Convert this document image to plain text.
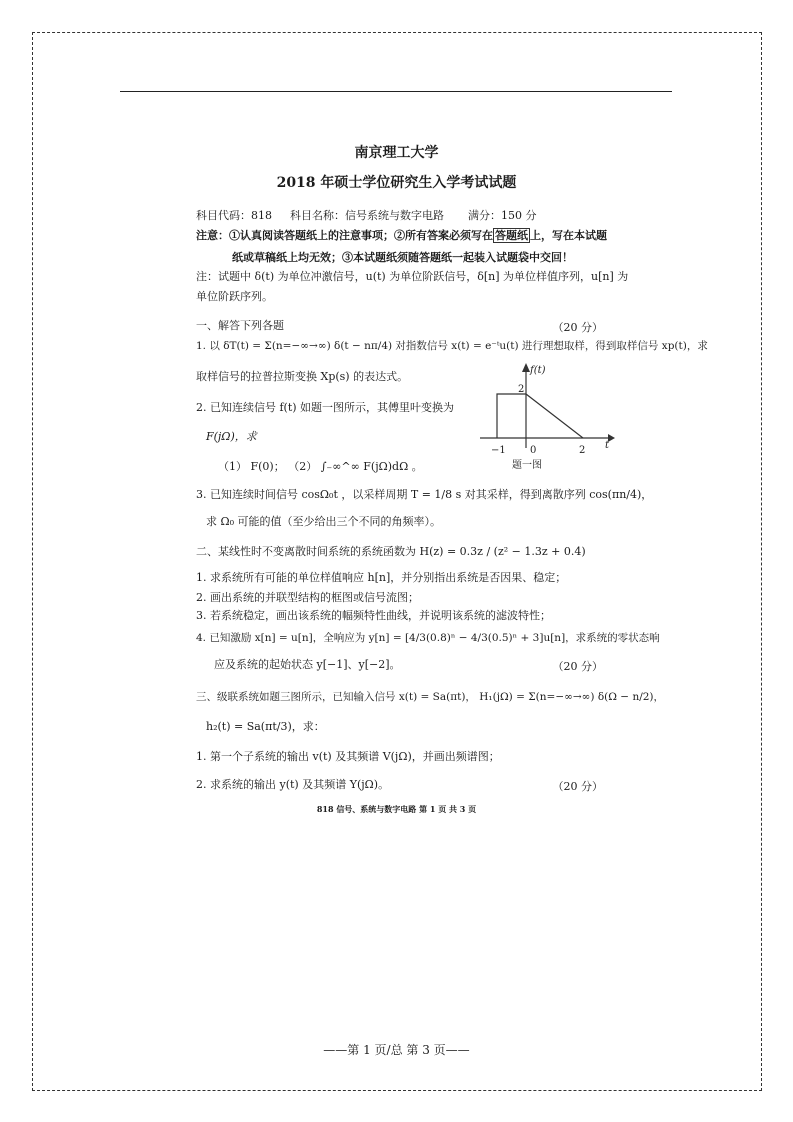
南京理工大学
2018 年硕士学位研究生入学考试试题
科目代码：818 科目名称：信号系统与数字电路 满分：150 分
注意：①认真阅读答题纸上的注意事项；②所有答案必须写在 答题纸 上，写在本试题
纸或草稿纸上均无效；③本试题纸须随答题纸一起装入试题袋中交回！
注：试题中 δ(t) 为单位冲激信号，u(t) 为单位阶跃信号，δ[n] 为单位样值序列，u[n] 为
单位阶跃序列。
一、解答下列各题	（20 分）
1. 以 δT(t) = Σ(n=−∞→∞) δ(t − nπ/4) 对指数信号 x(t) = e⁻ᵗu(t) 进行理想取样，得到取样信号 xp(t)，求
取样信号的拉普拉斯变换 Xp(s) 的表达式。
2. 已知连续信号 f(t) 如题一图所示，其傅里叶变换为
F(jΩ)，求
（1） F(0)； （2） ∫₋∞^∞ F(jΩ)dΩ 。
3. 已知连续时间信号 cosΩ₀t ，以采样周期 T = 1/8 s 对其采样，得到离散序列 cos(πn/4)，
求 Ω₀ 可能的值（至少给出三个不同的角频率）。
f(t)
2
−1 0	2 t
题一图
二、某线性时不变离散时间系统的系统函数为 H(z) = 0.3z / (z² − 1.3z + 0.4)
1. 求系统所有可能的单位样值响应 h[n]，并分别指出系统是否因果、稳定；
2. 画出系统的并联型结构的框图或信号流图；
3. 若系统稳定，画出该系统的幅频特性曲线，并说明该系统的滤波特性；
4. 已知激励 x[n] = u[n]，全响应为 y[n] = [4/3(0.8)ⁿ − 4/3(0.5)ⁿ + 3]u[n]，求系统的零状态响
应及系统的起始状态 y[−1]、y[−2]。	（20 分）
三、级联系统如题三图所示，已知输入信号 x(t) = Sa(πt)， H₁(jΩ) = Σ(n=−∞→∞) δ(Ω − n/2)，
h₂(t) = Sa(πt/3)，求：
1. 第一个子系统的输出 v(t) 及其频谱 V(jΩ)，并画出频谱图；
2. 求系统的输出 y(t) 及其频谱 Y(jΩ)。	（20 分）
818 信号、系统与数字电路 第 1 页 共 3 页
——第 1 页/总 第 3 页——
